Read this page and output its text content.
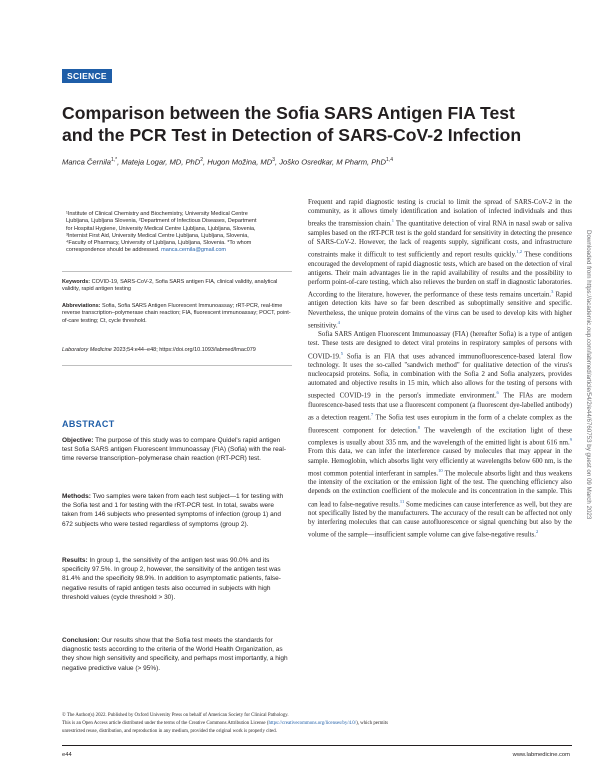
SCIENCE
Comparison between the Sofia SARS Antigen FIA Test
and the PCR Test in Detection of SARS-CoV-2 Infection
Manca Černila$^{1,*}$, Mateja Logar, MD, PhD$^2$, Hugon Možina, $MD^3$, Joško Osredkar, M Pharm, PhD$^{1,4}$
¹Institute of Clinical Chemistry and Biochemistry, University Medical Centre
Ljubljana, Ljubljana Slovenia, ²Department of Infectious Diseases, Department
for Hospital Hygiene, University Medical Centre Ljubljana, Ljubljana, Slovenia,
³Internist First Aid, University Medical Centre Ljubljana, Ljubljana, Slovenia,
⁴Faculty of Pharmacy, University of Ljubljana, Ljubljana, Slovenia. *To whom
correspondence should be addressed. manca.cernila@gmail.com
Keywords: COVID-19, SARS-CoV-2, Sofia SARS antigen FIA, clinical validity, analytical validity, rapid antigen testing
Abbreviations: Sofia, Sofia SARS Antigen Fluorescent Immunoassay; rRT-PCR, real-time reverse transcription–polymerase chain reaction; FIA, fluorescent immunoassay; POCT, point-of-care testing; Ct, cycle threshold.
Laboratory Medicine 2023;54:e44–e48; https://doi.org/10.1093/labmed/lmac079
ABSTRACT
Objective: The purpose of this study was to compare Quidel's rapid antigen test Sofia SARS antigen Fluorescent Immunoassay (FIA) (Sofia) with the real-time reverse transcription–polymerase chain reaction (rRT-PCR) test.
Methods: Two samples were taken from each test subject—1 for testing with the Sofia test and 1 for testing with the rRT-PCR test. In total, swabs were taken from 146 subjects who presented symptoms of infection (group 1) and 672 subjects who were tested regardless of symptoms (group 2).
Results: In group 1, the sensitivity of the antigen test was 90.0% and its specificity 97.5%. In group 2, however, the sensitivity of the antigen test was 81.4% and the specificity 98.9%. In addition to asymptomatic patients, false-negative results of rapid antigen tests also occurred in subjects with high threshold values (cycle threshold > 30).
Conclusion: Our results show that the Sofia test meets the standards for diagnostic tests according to the criteria of the World Health Organization, as they show high sensitivity and specificity, and perhaps most importantly, a high negative predictive value (> 95%).

Frequent and rapid diagnostic testing is crucial to limit the spread of SARS-CoV-2 in the community, as it allows timely identification and isolation of infected individuals and thus breaks the transmission chain.$^1$ The quantitative detection of viral RNA in nasal swab or saliva samples based on the rRT-PCR test is the gold standard for sensitivity in detecting the presence of SARS-CoV-2. However, the lack of reagents supply, significant costs, and infrastructure constraints make it difficult to test sufficiently and report results quickly.$^{1,2}$ These conditions encouraged the development of rapid diagnostic tests, which are based on the detection of viral antigens. Their main advantages lie in the rapid availability of results and the possibility to perform point-of-care testing, which also relieves the burden on staff in diagnostic laboratories. According to the literature, however, the performance of these tests remains uncertain.$^3$ Rapid antigen detection kits have so far been described as suboptimally sensitive and specific. Nevertheless, the unique protein domains of the virus can be used to develop kits with higher sensitivity.$^4$

Sofia SARS Antigen Fluorescent Immunoassay (FIA) (hereafter Sofia) is a type of antigen test. These tests are designed to detect viral proteins in respiratory samples of persons with COVID-19.$^5$ Sofia is an FIA that uses advanced immunofluorescence-based lateral flow technology. It uses the so-called "sandwich method" for qualitative detection of the virus's nucleocapsid proteins. Sofia, in combination with the Sofia 2 and Sofia analyzers, provides automated and objective results in 15 min, which also allows for the testing of persons with suspected COVID-19 in the person's immediate environment.$^6$ The FIAs are modern fluorescence-based tests that use a fluorescent component (a fluorescent dye-labelled antibody) as a detection reagent.$^7$ The Sofia test uses europium in the form of a chelate complex as the fluorescent component for detection.$^8$ The wavelength of the excitation light of these complexes is usually about 335 nm, and the wavelength of the emitted light is about 616 nm.$^9$ From this data, we can infer the interference caused by molecules that may appear in the sample. Hemoglobin, which absorbs light very efficiently at wavelengths below 600 nm, is the most common potential interferant in samples.$^{10}$ The molecule absorbs light and thus weakens the intensity of the excitation or the emission light of the test. The quenching efficiency also depends on the extinction coefficient of the molecule and its concentration in the sample. This can lead to false-negative results.$^{11}$ Some medicines can cause interference as well, but they are not specifically listed by the manufacturers. The accuracy of the result can be affected not only by interfering molecules that can cause autofluorescence or signal quenching but also by the volume of the sample—insufficient sample volume can give false-negative results.$^2$

Downloaded from https://academic.oup.com/labmed/article/54/2/e44/6760753 by guest on 09 March 2023
© The Author(s) 2022. Published by Oxford University Press on behalf of American Society for Clinical Pathology.
This is an Open Access article distributed under the terms of the Creative Commons Attribution License (https://creativecommons.org/licenses/by/4.0/), which permits
unrestricted reuse, distribution, and reproduction in any medium, provided the original work is properly cited.
e44	www.labmedicine.com
